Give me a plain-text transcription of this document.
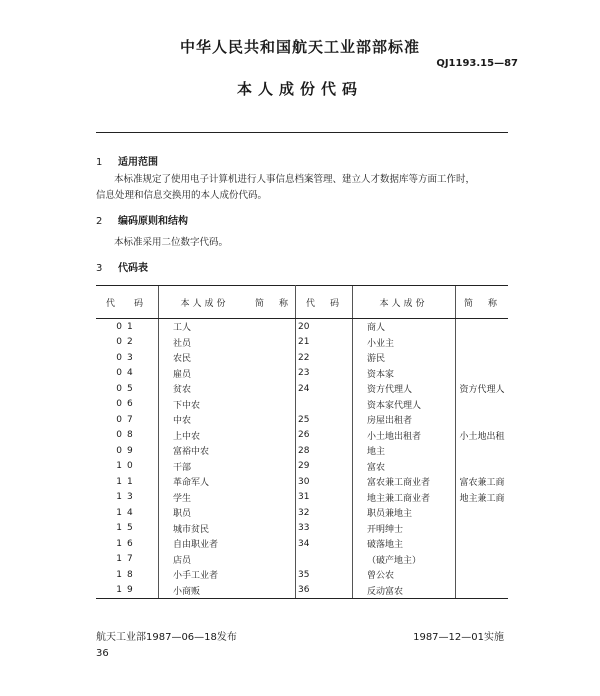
中华人民共和国航天工业部部标准
QJ1193.15—87
本人成份代码
1 适用范围
本标准规定了使用电子计算机进行人事信息档案管理、建立人才数据库等方面工作时，
信息处理和信息交换用的本人成份代码。
2 编码原则和结构
本标准采用二位数字代码。
3 代码表
代　码	本人成份	简　称	代　码	本人成份	简　称
01	工人		20	商人	
02	社员		21	小业主	
03	农民		22	游民	
04	雇员		23	资本家	
05	贫农		24	资方代理人	资方代理人
06	下中农			资本家代理人	
07	中农		25	房屋出租者	
08	上中农		26	小土地出租者	小土地出租
09	富裕中农		28	地主	
10	干部		29	富农	
11	革命军人		30	富农兼工商业者	富农兼工商
13	学生		31	地主兼工商业者	地主兼工商
14	职员		32	职员兼地主	
15	城市贫民		33	开明绅士	
16	自由职业者		34	破落地主	
17	店员			（破产地主）	
18	小手工业者		35	曾公农	
19	小商贩		36	反动富农	
航天工业部1987—06—18发布	1987—12—01实施
36
